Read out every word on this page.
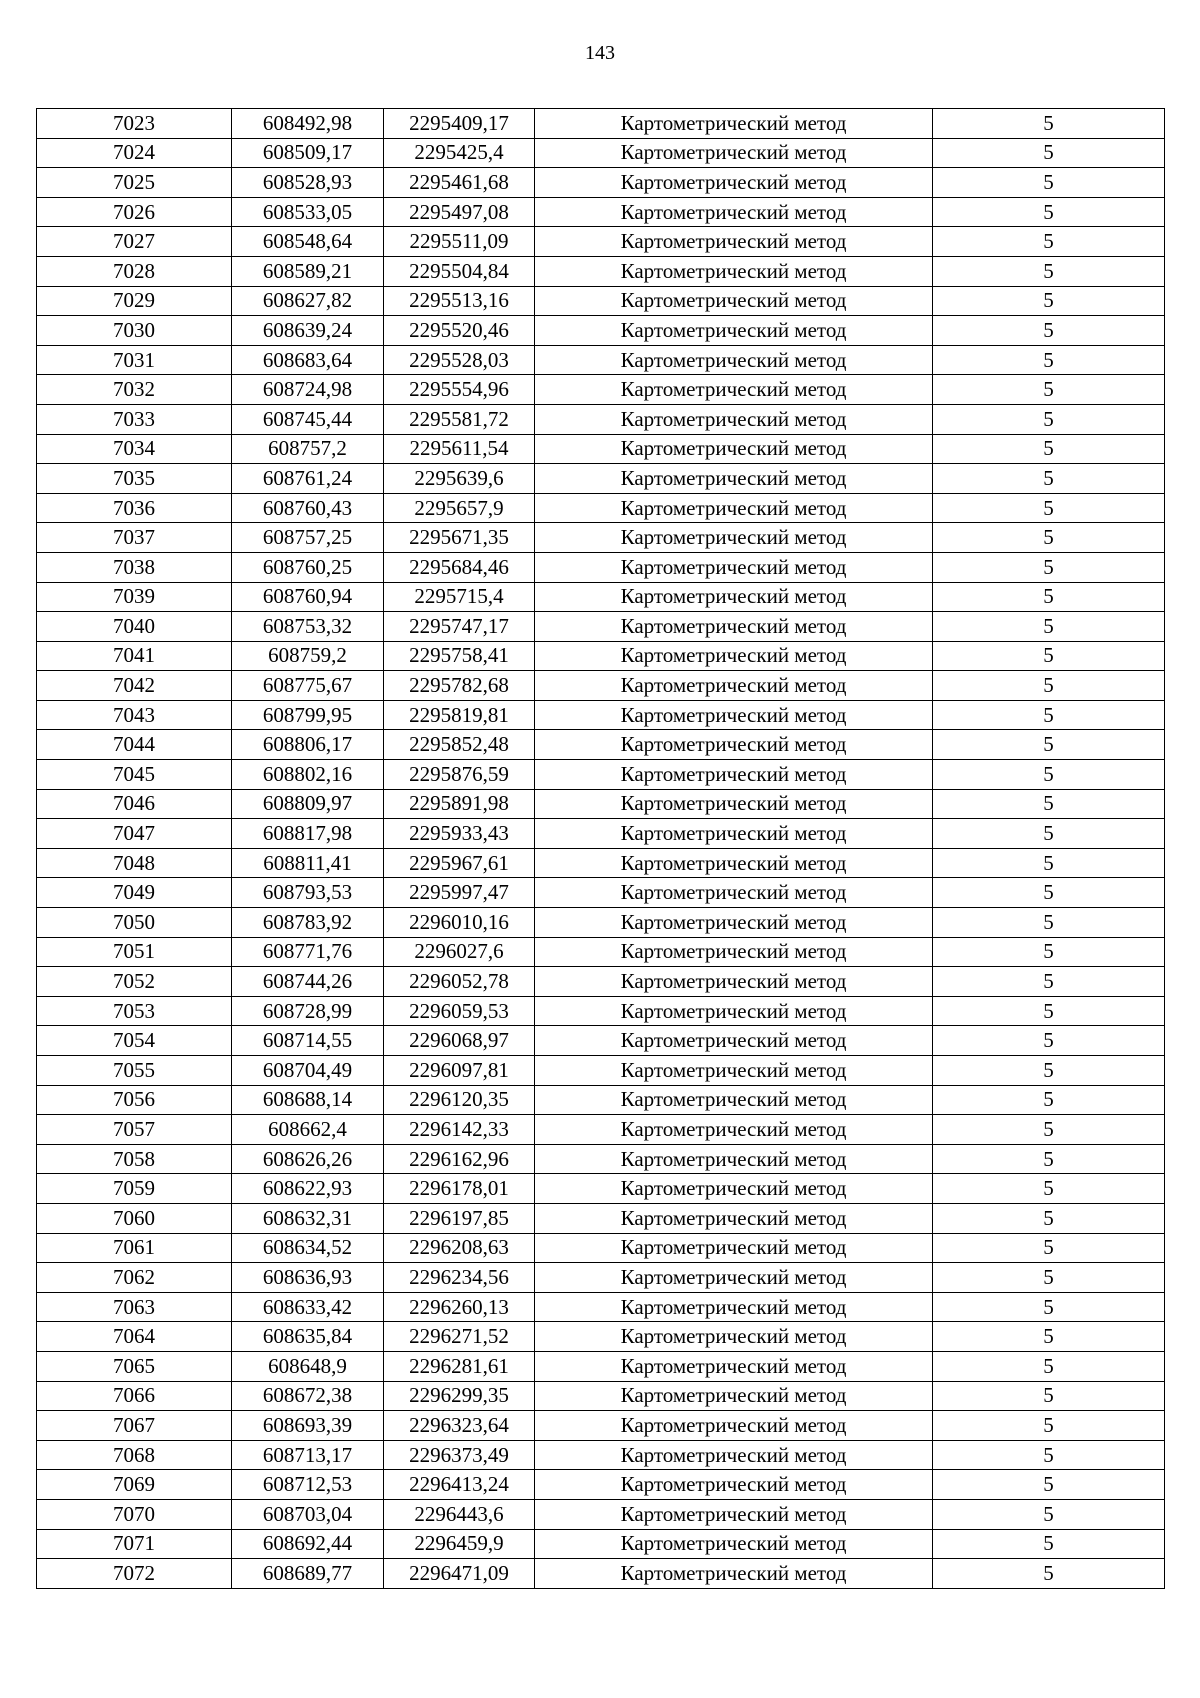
143
7023	608492,98	2295409,17	Картометрический метод	5
7024	608509,17	2295425,4	Картометрический метод	5
7025	608528,93	2295461,68	Картометрический метод	5
7026	608533,05	2295497,08	Картометрический метод	5
7027	608548,64	2295511,09	Картометрический метод	5
7028	608589,21	2295504,84	Картометрический метод	5
7029	608627,82	2295513,16	Картометрический метод	5
7030	608639,24	2295520,46	Картометрический метод	5
7031	608683,64	2295528,03	Картометрический метод	5
7032	608724,98	2295554,96	Картометрический метод	5
7033	608745,44	2295581,72	Картометрический метод	5
7034	608757,2	2295611,54	Картометрический метод	5
7035	608761,24	2295639,6	Картометрический метод	5
7036	608760,43	2295657,9	Картометрический метод	5
7037	608757,25	2295671,35	Картометрический метод	5
7038	608760,25	2295684,46	Картометрический метод	5
7039	608760,94	2295715,4	Картометрический метод	5
7040	608753,32	2295747,17	Картометрический метод	5
7041	608759,2	2295758,41	Картометрический метод	5
7042	608775,67	2295782,68	Картометрический метод	5
7043	608799,95	2295819,81	Картометрический метод	5
7044	608806,17	2295852,48	Картометрический метод	5
7045	608802,16	2295876,59	Картометрический метод	5
7046	608809,97	2295891,98	Картометрический метод	5
7047	608817,98	2295933,43	Картометрический метод	5
7048	608811,41	2295967,61	Картометрический метод	5
7049	608793,53	2295997,47	Картометрический метод	5
7050	608783,92	2296010,16	Картометрический метод	5
7051	608771,76	2296027,6	Картометрический метод	5
7052	608744,26	2296052,78	Картометрический метод	5
7053	608728,99	2296059,53	Картометрический метод	5
7054	608714,55	2296068,97	Картометрический метод	5
7055	608704,49	2296097,81	Картометрический метод	5
7056	608688,14	2296120,35	Картометрический метод	5
7057	608662,4	2296142,33	Картометрический метод	5
7058	608626,26	2296162,96	Картометрический метод	5
7059	608622,93	2296178,01	Картометрический метод	5
7060	608632,31	2296197,85	Картометрический метод	5
7061	608634,52	2296208,63	Картометрический метод	5
7062	608636,93	2296234,56	Картометрический метод	5
7063	608633,42	2296260,13	Картометрический метод	5
7064	608635,84	2296271,52	Картометрический метод	5
7065	608648,9	2296281,61	Картометрический метод	5
7066	608672,38	2296299,35	Картометрический метод	5
7067	608693,39	2296323,64	Картометрический метод	5
7068	608713,17	2296373,49	Картометрический метод	5
7069	608712,53	2296413,24	Картометрический метод	5
7070	608703,04	2296443,6	Картометрический метод	5
7071	608692,44	2296459,9	Картометрический метод	5
7072	608689,77	2296471,09	Картометрический метод	5
